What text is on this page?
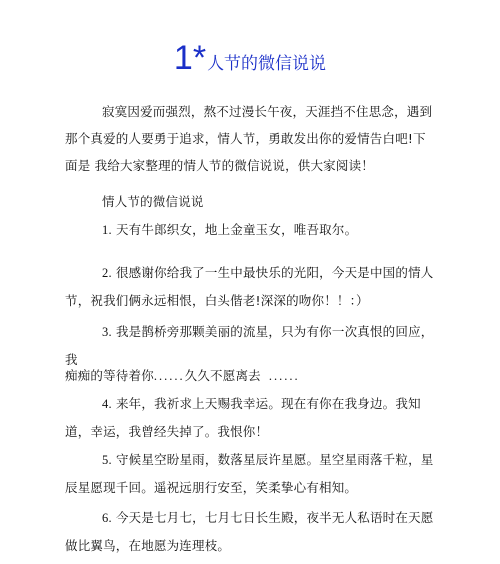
1*人节的微信说说
寂寞因爱而强烈，熬不过漫长午夜，天涯挡不住思念，遇到那个真爱的人要勇于追求，情人节，勇敢发出你的爱情告白吧!下面是 我给大家整理的情人节的微信说说，供大家阅读！
情人节的微信说说
1. 天有牛郎织女，地上金童玉女，唯吾取尔。
2. 很感谢你给我了一生中最快乐的光阳，今天是中国的情人节，祝我们俩永远相恨，白头偕老!深深的吻你！！：）
3. 我是鹊桥旁那颗美丽的流星，只为有你一次真恨的回应，我
痴痴的等待着你......久久不愿离去 ......
4. 来年，我祈求上天赐我幸运。现在有你在我身边。我知道，幸运，我曾经失掉了。我恨你！
5. 守候星空盼星雨，数落星辰许星愿。星空星雨落千粒，星辰星愿现千回。遥祝远朋行安至，笑柔挚心有相知。
6. 今天是七月七，七月七日长生殿，夜半无人私语时在天愿做比翼鸟，在地愿为连理枝。
